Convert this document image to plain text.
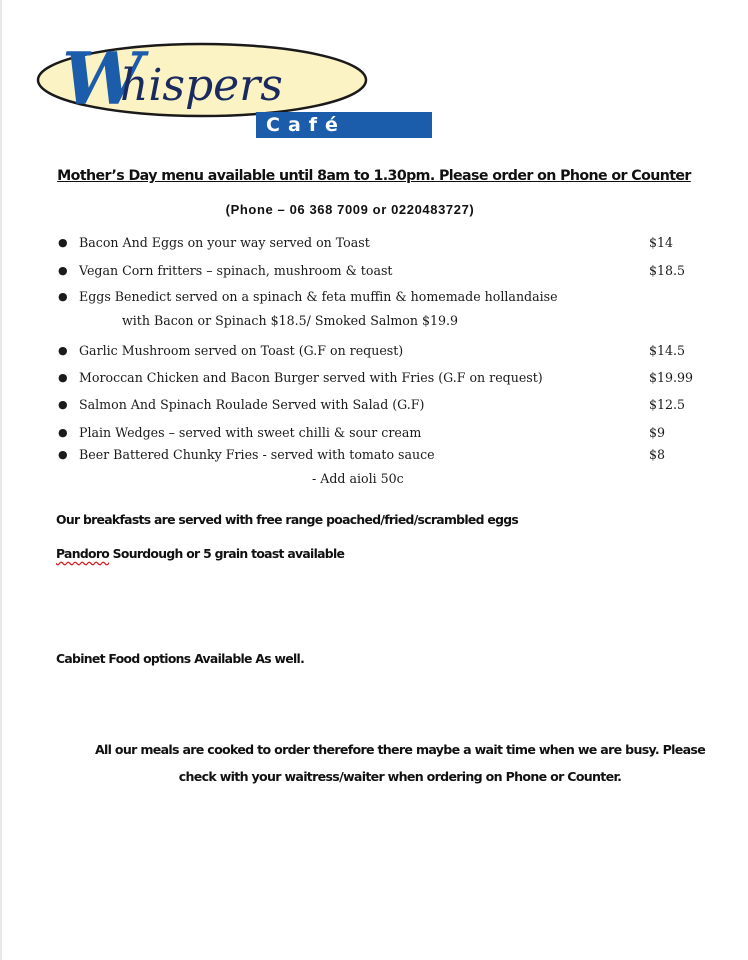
W
hispers
Café
Mother’s Day menu available until 8am to 1.30pm. Please order on Phone or Counter
(Phone – 06 368 7009 or 0220483727)
● Bacon And Eggs on your way served on Toast	$14
● Vegan Corn fritters – spinach, mushroom & toast	$18.5
● Eggs Benedict served on a spinach & feta muffin & homemade hollandaise
with Bacon or Spinach $18.5/ Smoked Salmon $19.9
● Garlic Mushroom served on Toast (G.F on request)	$14.5
● Moroccan Chicken and Bacon Burger served with Fries (G.F on request)	$19.99
● Salmon And Spinach Roulade Served with Salad (G.F)	$12.5
● Plain Wedges – served with sweet chilli & sour cream	$9
● Beer Battered Chunky Fries - served with tomato sauce	$8
- Add aioli 50c
Our breakfasts are served with free range poached/fried/scrambled eggs
Pandoro Sourdough or 5 grain toast available
Cabinet Food options Available As well.
All our meals are cooked to order therefore there maybe a wait time when we are busy. Please
check with your waitress/waiter when ordering on Phone or Counter.
